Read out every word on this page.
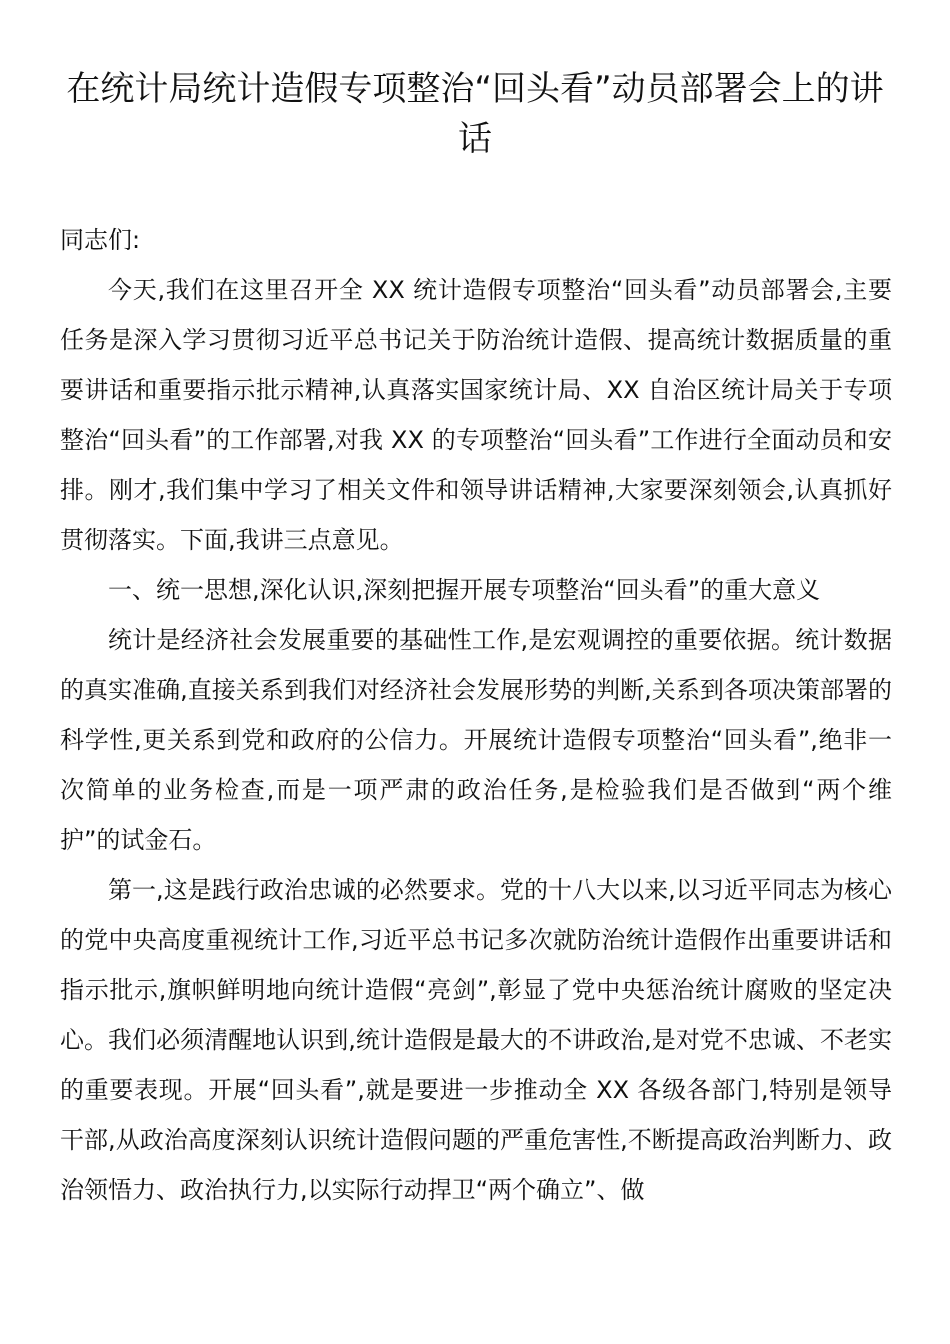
在统计局统计造假专项整治“回头看”动员部署会上的讲话

同志们:

今天,我们在这里召开全 XX 统计造假专项整治“回头看”动员部署会,主要任务是深入学习贯彻习近平总书记关于防治统计造假、提高统计数据质量的重要讲话和重要指示批示精神,认真落实国家统计局、XX 自治区统计局关于专项整治“回头看”的工作部署,对我 XX 的专项整治“回头看”工作进行全面动员和安排。刚才,我们集中学习了相关文件和领导讲话精神,大家要深刻领会,认真抓好贯彻落实。下面,我讲三点意见。

一、统一思想,深化认识,深刻把握开展专项整治“回头看”的重大意义

统计是经济社会发展重要的基础性工作,是宏观调控的重要依据。统计数据的真实准确,直接关系到我们对经济社会发展形势的判断,关系到各项决策部署的科学性,更关系到党和政府的公信力。开展统计造假专项整治“回头看”,绝非一次简单的业务检查,而是一项严肃的政治任务,是检验我们是否做到“两个维护”的试金石。

第一,这是践行政治忠诚的必然要求。党的十八大以来,以习近平同志为核心的党中央高度重视统计工作,习近平总书记多次就防治统计造假作出重要讲话和指示批示,旗帜鲜明地向统计造假“亮剑”,彰显了党中央惩治统计腐败的坚定决心。我们必须清醒地认识到,统计造假是最大的不讲政治,是对党不忠诚、不老实的重要表现。开展“回头看”,就是要进一步推动全 XX 各级各部门,特别是领导干部,从政治高度深刻认识统计造假问题的严重危害性,不断提高政治判断力、政治领悟力、政治执行力,以实际行动捍卫“两个确立”、做
